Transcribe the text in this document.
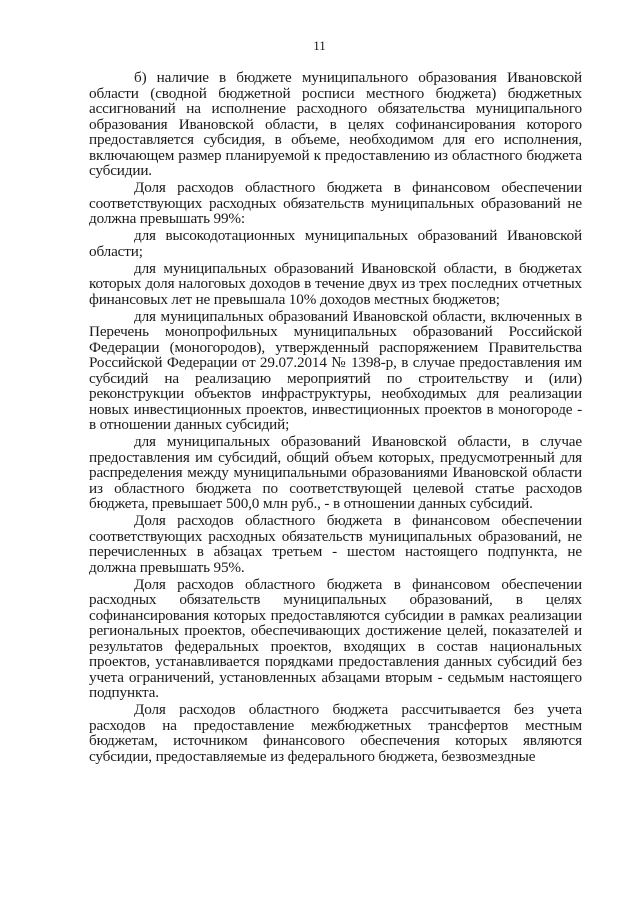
11

б) наличие в бюджете муниципального образования Ивановской области (сводной бюджетной росписи местного бюджета) бюджетных ассигнований на исполнение расходного обязательства муниципального образования Ивановской области, в целях софинансирования которого предоставляется субсидия, в объеме, необходимом для его исполнения, включающем размер планируемой к предоставлению из областного бюджета субсидии.

Доля расходов областного бюджета в финансовом обеспечении соответствующих расходных обязательств муниципальных образований не должна превышать 99%:

для высокодотационных муниципальных образований Ивановской области;

для муниципальных образований Ивановской области, в бюджетах которых доля налоговых доходов в течение двух из трех последних отчетных финансовых лет не превышала 10% доходов местных бюджетов;

для муниципальных образований Ивановской области, включенных в Перечень монопрофильных муниципальных образований Российской Федерации (моногородов), утвержденный распоряжением Правительства Российской Федерации от 29.07.2014 № 1398-р, в случае предоставления им субсидий на реализацию мероприятий по строительству и (или) реконструкции объектов инфраструктуры, необходимых для реализации новых инвестиционных проектов, инвестиционных проектов в моногороде - в отношении данных субсидий;

для муниципальных образований Ивановской области, в случае предоставления им субсидий, общий объем которых, предусмотренный для распределения между муниципальными образованиями Ивановской области из областного бюджета по соответствующей целевой статье расходов бюджета, превышает 500,0 млн руб., - в отношении данных субсидий.

Доля расходов областного бюджета в финансовом обеспечении соответствующих расходных обязательств муниципальных образований, не перечисленных в абзацах третьем - шестом настоящего подпункта, не должна превышать 95%.

Доля расходов областного бюджета в финансовом обеспечении расходных обязательств муниципальных образований, в целях софинансирования которых предоставляются субсидии в рамках реализации региональных проектов, обеспечивающих достижение целей, показателей и результатов федеральных проектов, входящих в состав национальных проектов, устанавливается порядками предоставления данных субсидий без учета ограничений, установленных абзацами вторым - седьмым настоящего подпункта.

Доля расходов областного бюджета рассчитывается без учета расходов на предоставление межбюджетных трансфертов местным бюджетам, источником финансового обеспечения которых являются субсидии, предоставляемые из федерального бюджета, безвозмездные
